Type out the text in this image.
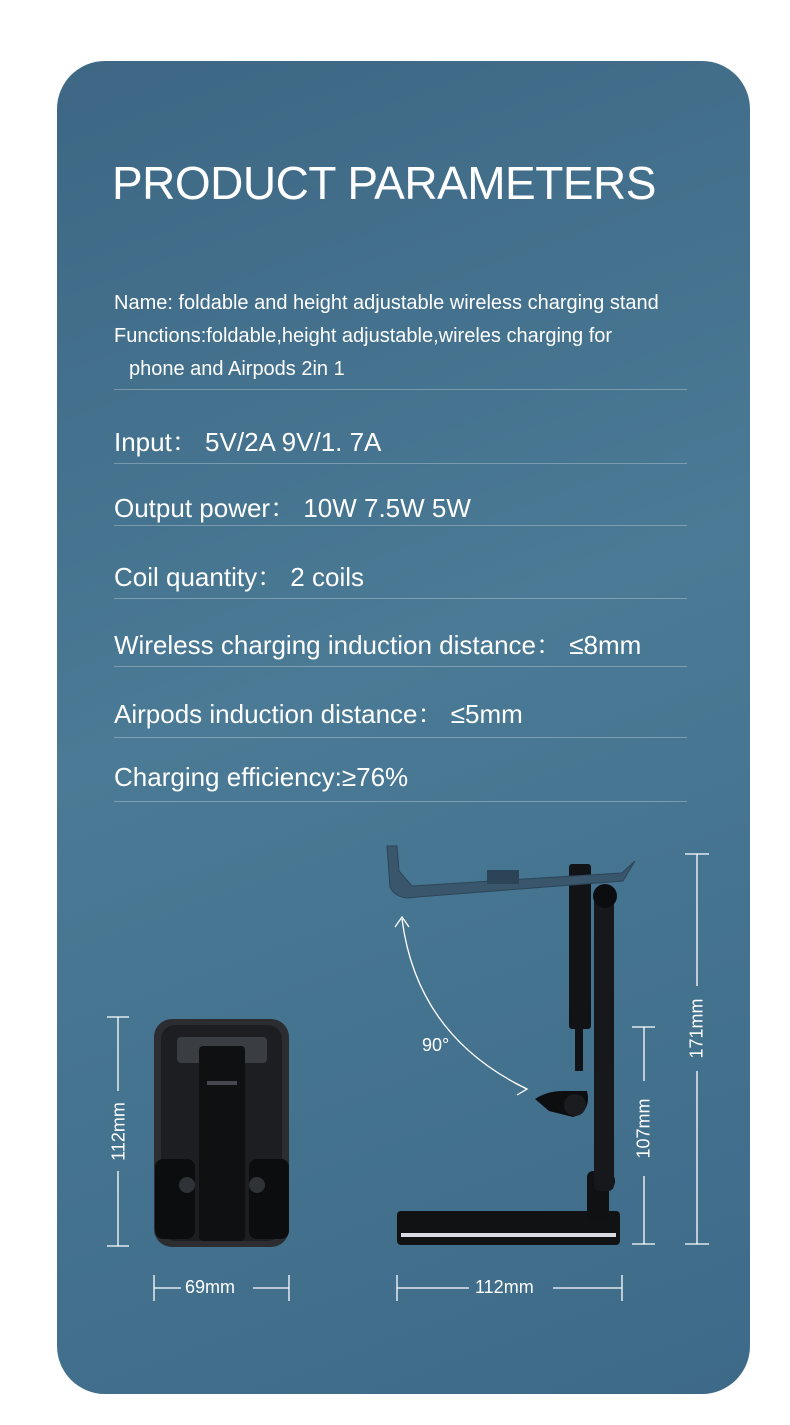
PRODUCT PARAMETERS
Name: foldable and height adjustable wireless charging stand
Functions:foldable,height adjustable,wireles charging for
phone and Airpods 2in 1
Input： 5V/2A 9V/1. 7A
Output power： 10W 7.5W 5W
Coil quantity： 2 coils
Wireless charging induction distance： ≤8mm
Airpods induction distance： ≤5mm
Charging efficiency:≥76%
90°
112mm
69mm	112mm
171mm
107mm
